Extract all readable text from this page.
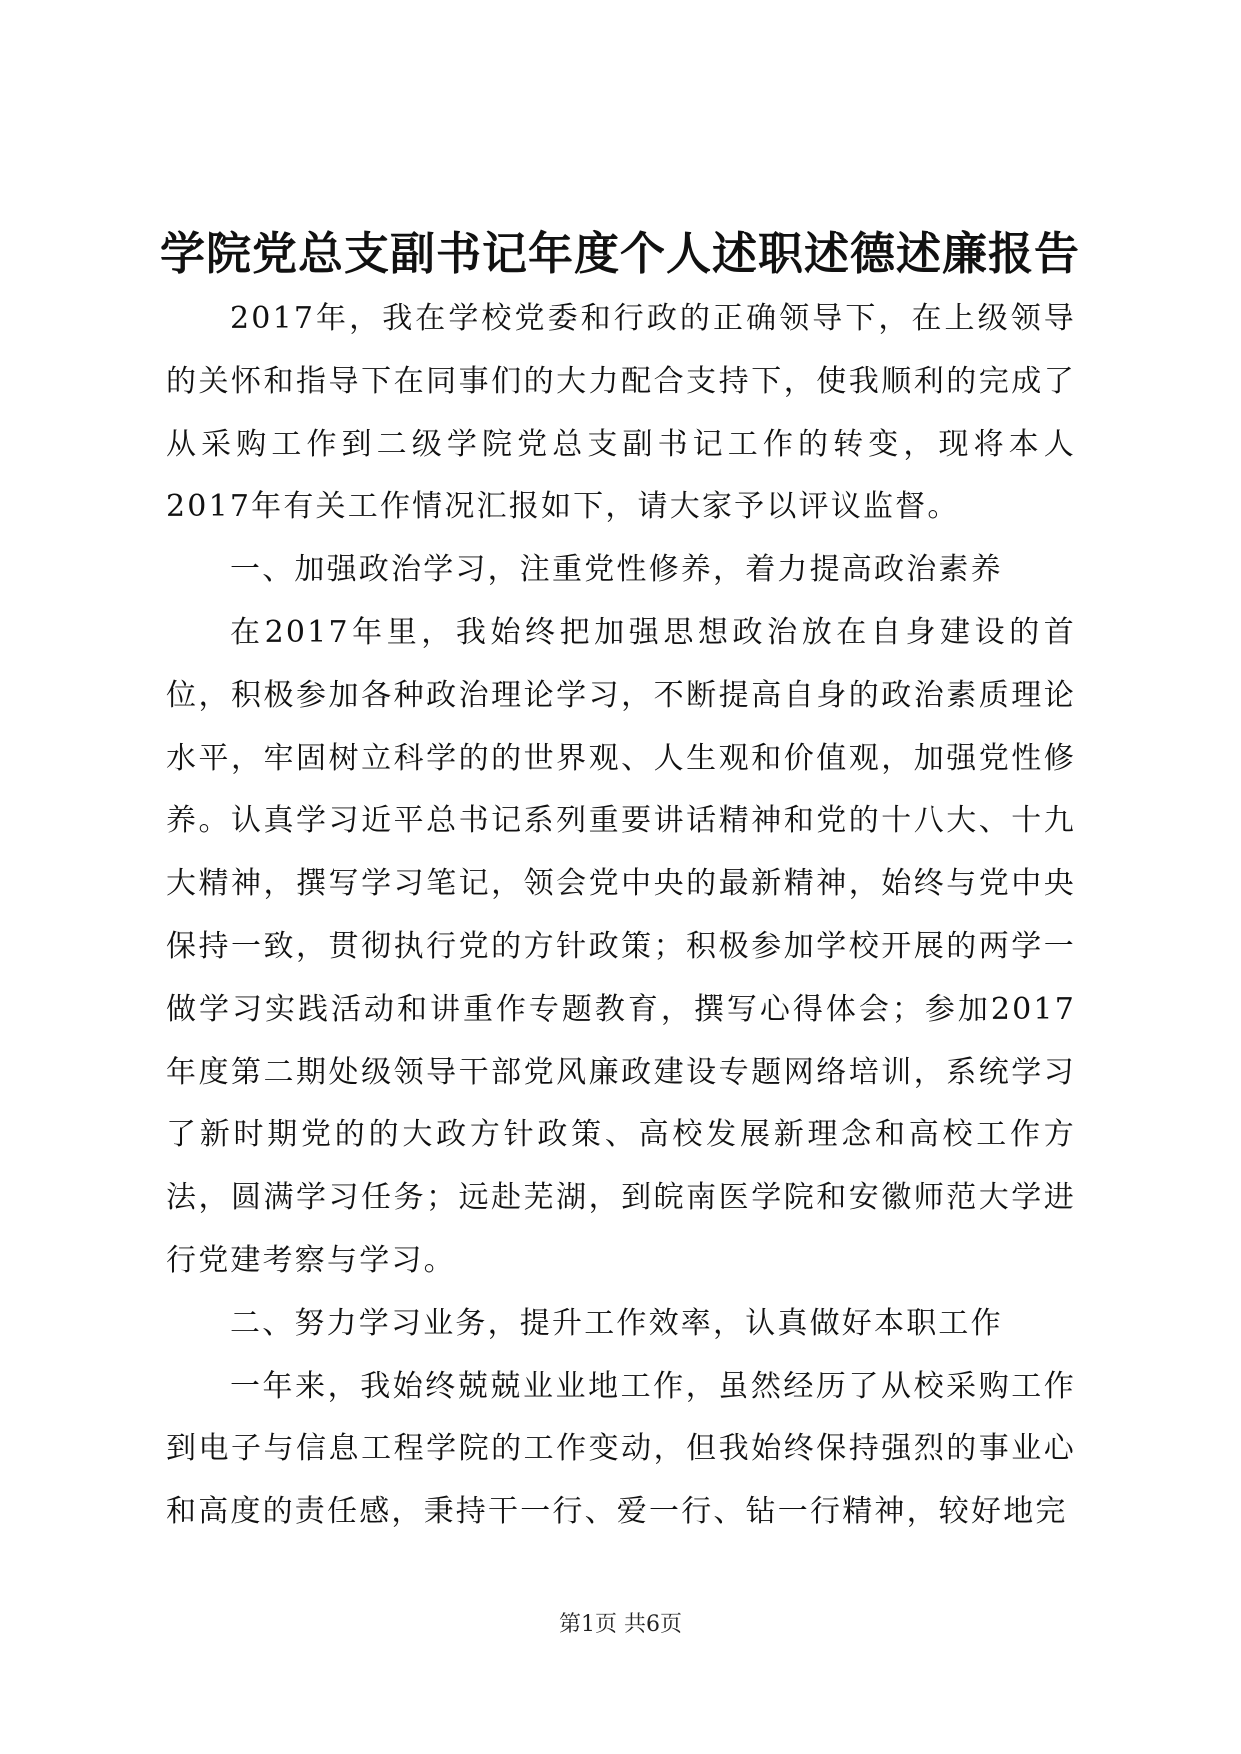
学院党总支副书记年度个人述职述德述廉报告

2017年，我在学校党委和行政的正确领导下，在上级领导的关怀和指导下在同事们的大力配合支持下，使我顺利的完成了从采购工作到二级学院党总支副书记工作的转变，现将本人2017年有关工作情况汇报如下，请大家予以评议监督。

一、加强政治学习，注重党性修养，着力提高政治素养

在2017年里，我始终把加强思想政治放在自身建设的首位，积极参加各种政治理论学习，不断提高自身的政治素质理论水平，牢固树立科学的的世界观、人生观和价值观，加强党性修养。认真学习近平总书记系列重要讲话精神和党的十八大、十九大精神，撰写学习笔记，领会党中央的最新精神，始终与党中央保持一致，贯彻执行党的方针政策；积极参加学校开展的两学一做学习实践活动和讲重作专题教育，撰写心得体会；参加2017年度第二期处级领导干部党风廉政建设专题网络培训，系统学习了新时期党的的大政方针政策、高校发展新理念和高校工作方法，圆满学习任务；远赴芜湖，到皖南医学院和安徽师范大学进行党建考察与学习。

二、努力学习业务，提升工作效率，认真做好本职工作

一年来，我始终兢兢业业地工作，虽然经历了从校采购工作到电子与信息工程学院的工作变动，但我始终保持强烈的事业心和高度的责任感，秉持干一行、爱一行、钻一行精神，较好地完

第1页 共6页
